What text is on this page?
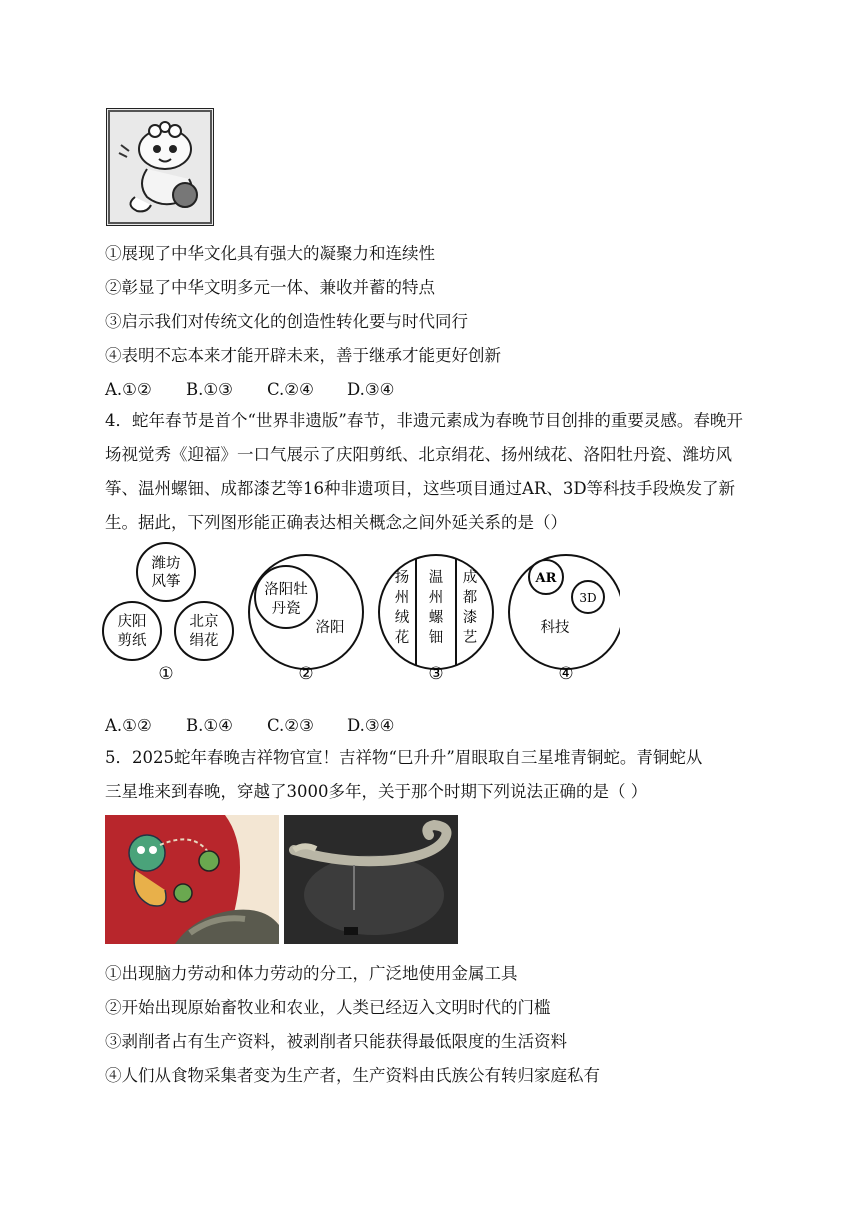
①展现了中华文化具有强大的凝聚力和连续性
②彰显了中华文明多元一体、兼收并蓄的特点
③启示我们对传统文化的创造性转化要与时代同行
④表明不忘本来才能开辟未来，善于继承才能更好创新
A.①② B.①③ C.②④ D.③④
4．蛇年春节是首个“世界非遗版”春节，非遗元素成为春晚节目创排的重要灵感。春晚开场视觉秀《迎福》一口气展示了庆阳剪纸、北京绢花、扬州绒花、洛阳牡丹瓷、潍坊风筝、温州螺钿、成都漆艺等16种非遗项目，这些项目通过AR、3D等科技手段焕发了新生。据此，下列图形能正确表达相关概念之间外延关系的是（）
潍坊
风筝
庆阳
剪纸
北京
绢花
①
洛阳牡
丹瓷
洛阳
②
扬
州
绒
花
温
州
螺
钿
成
都
漆
艺
③
AR
3D
科技
④
A.①② B.①④ C.②③ D.③④
5．2025蛇年春晚吉祥物官宣！吉祥物“巳升升”眉眼取自三星堆青铜蛇。青铜蛇从
三星堆来到春晚，穿越了3000多年，关于那个时期下列说法正确的是（ ）
①出现脑力劳动和体力劳动的分工，广泛地使用金属工具
②开始出现原始畜牧业和农业，人类已经迈入文明时代的门槛
③剥削者占有生产资料，被剥削者只能获得最低限度的生活资料
④人们从食物采集者变为生产者，生产资料由氏族公有转归家庭私有
